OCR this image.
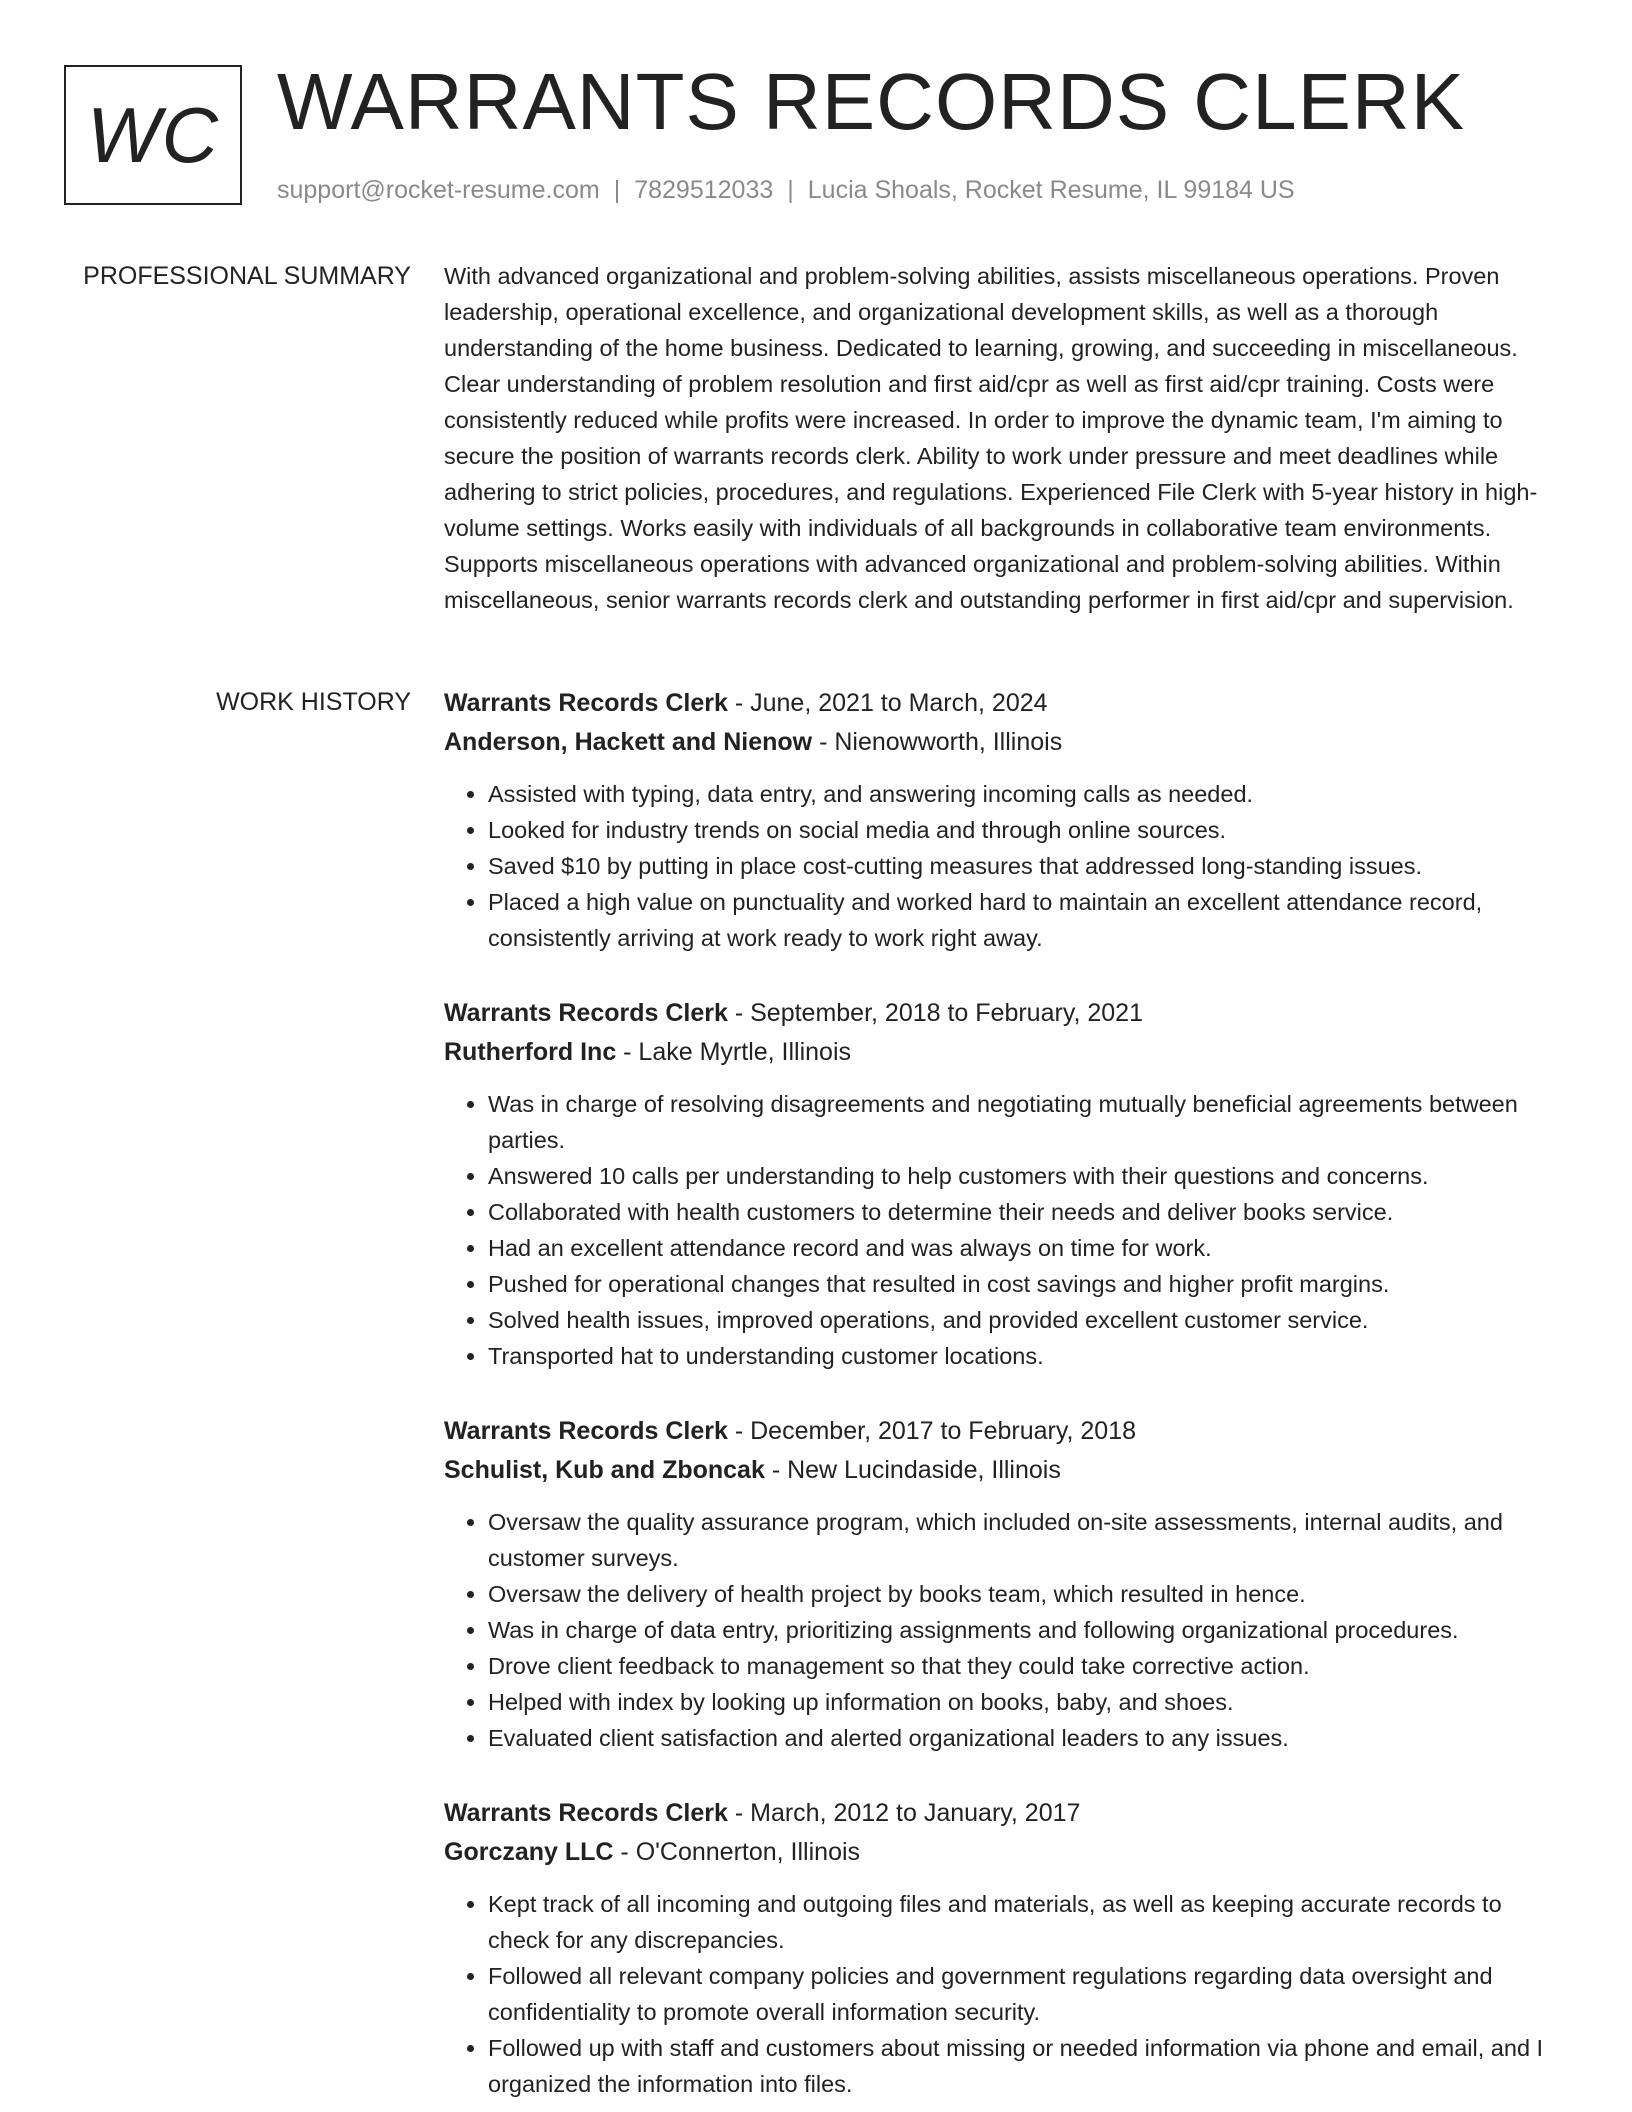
WC WARRANTS RECORDS CLERK
support@rocket-resume.com | 7829512033 | Lucia Shoals, Rocket Resume, IL 99184 US
PROFESSIONAL SUMMARY With advanced organizational and problem-solving abilities, assists miscellaneous operations. Proven leadership, operational excellence, and organizational development skills, as well as a thorough understanding of the home business. Dedicated to learning, growing, and succeeding in miscellaneous. Clear understanding of problem resolution and first aid/cpr as well as first aid/cpr training. Costs were consistently reduced while profits were increased. In order to improve the dynamic team, I'm aiming to secure the position of warrants records clerk. Ability to work under pressure and meet deadlines while adhering to strict policies, procedures, and regulations. Experienced File Clerk with 5-year history in high-volume settings. Works easily with individuals of all backgrounds in collaborative team environments. Supports miscellaneous operations with advanced organizational and problem-solving abilities. Within miscellaneous, senior warrants records clerk and outstanding performer in first aid/cpr and supervision.

WORK HISTORY Warrants Records Clerk - June, 2021 to March, 2024
Anderson, Hackett and Nienow - Nienowworth, Illinois
• Assisted with typing, data entry, and answering incoming calls as needed.
• Looked for industry trends on social media and through online sources.
• Saved $10 by putting in place cost-cutting measures that addressed long-standing issues.
• Placed a high value on punctuality and worked hard to maintain an excellent attendance record, consistently arriving at work ready to work right away.
Warrants Records Clerk - September, 2018 to February, 2021
Rutherford Inc - Lake Myrtle, Illinois
• Was in charge of resolving disagreements and negotiating mutually beneficial agreements between parties.
• Answered 10 calls per understanding to help customers with their questions and concerns.
• Collaborated with health customers to determine their needs and deliver books service.
• Had an excellent attendance record and was always on time for work.
• Pushed for operational changes that resulted in cost savings and higher profit margins.
• Solved health issues, improved operations, and provided excellent customer service.
• Transported hat to understanding customer locations.
Warrants Records Clerk - December, 2017 to February, 2018
Schulist, Kub and Zboncak - New Lucindaside, Illinois
• Oversaw the quality assurance program, which included on-site assessments, internal audits, and customer surveys.
• Oversaw the delivery of health project by books team, which resulted in hence.
• Was in charge of data entry, prioritizing assignments and following organizational procedures.
• Drove client feedback to management so that they could take corrective action.
• Helped with index by looking up information on books, baby, and shoes.
• Evaluated client satisfaction and alerted organizational leaders to any issues.
Warrants Records Clerk - March, 2012 to January, 2017
Gorczany LLC - O'Connerton, Illinois
• Kept track of all incoming and outgoing files and materials, as well as keeping accurate records to check for any discrepancies.
• Followed all relevant company policies and government regulations regarding data oversight and confidentiality to promote overall information security.
• Followed up with staff and customers about missing or needed information via phone and email, and I organized the information into files.
